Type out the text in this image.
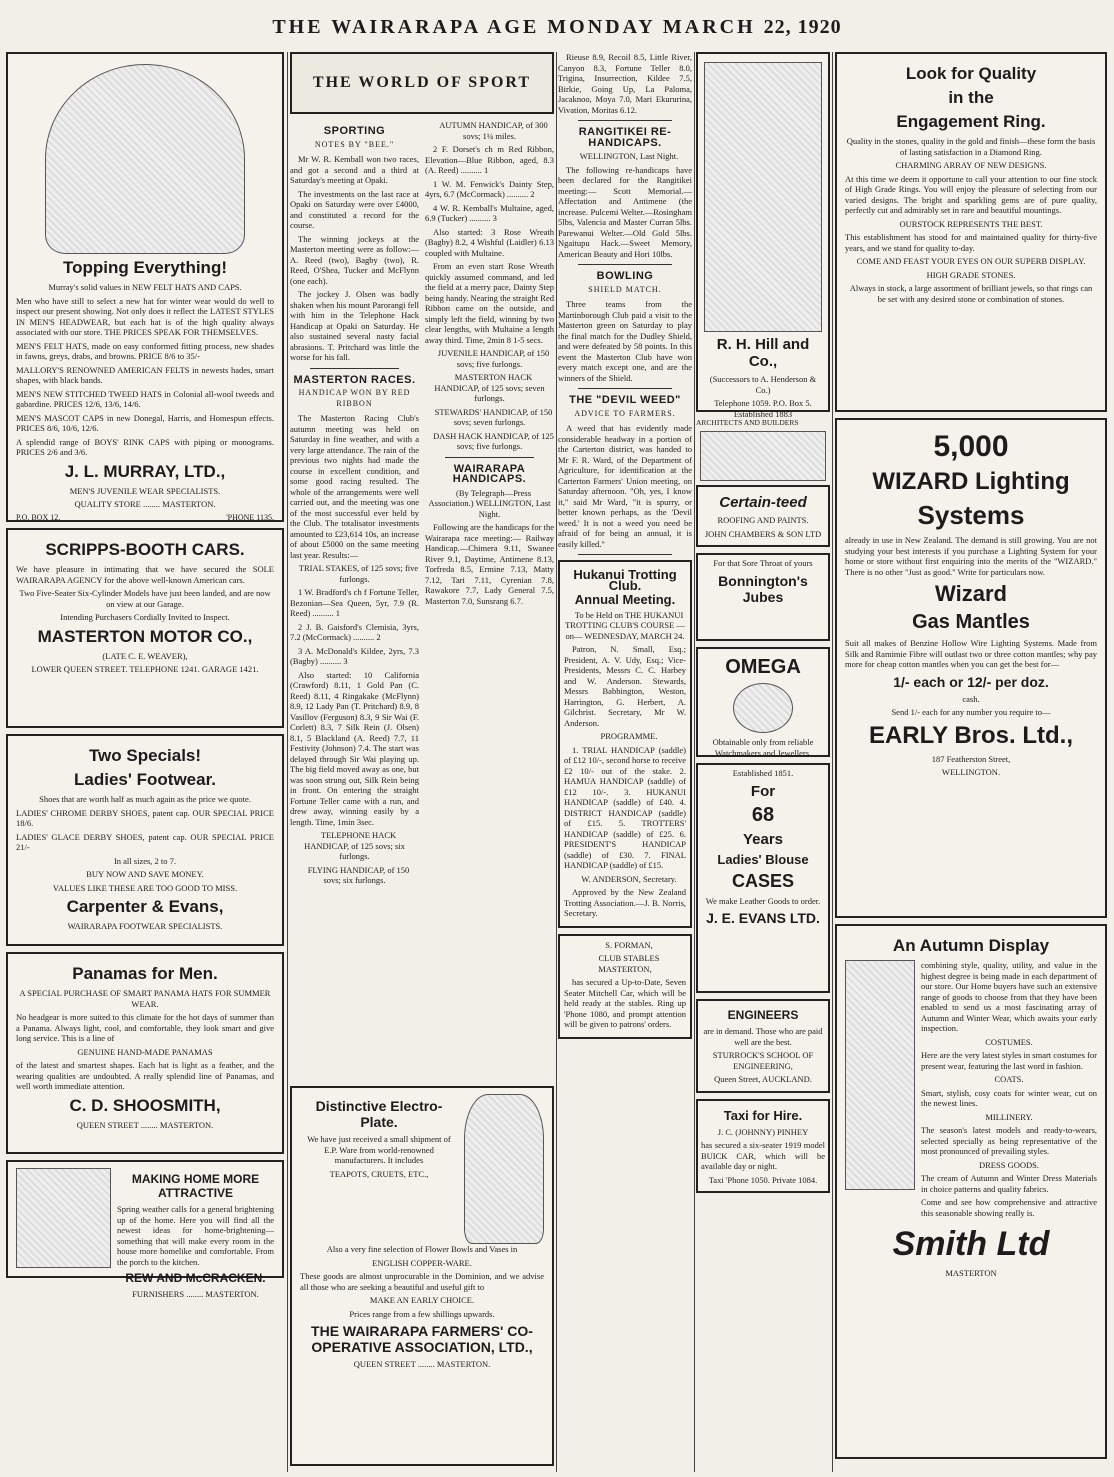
THE WAIRARAPA AGE MONDAY MARCH 22, 1920
Topping Everything!

Murray's solid values in NEW FELT HATS AND CAPS.

Men who have still to select a new hat for winter wear would do well to inspect our present showing. Not only does it reflect the LATEST STYLES IN MEN'S HEADWEAR, but each hat is of the high quality always associated with our store. THE PRICES SPEAK FOR THEMSELVES.

MEN'S FELT HATS, made on easy conformed fitting process, new shades in fawns, greys, drabs, and browns. PRICE 8/6 to 35/-

MALLORY'S RENOWNED AMERICAN FELTS in newests hades, smart shapes, with black bands.

MEN'S NEW STITCHED TWEED HATS in Colonial all-wool tweeds and gabardine. PRICES 12/6, 13/6, 14/6.

MEN'S MASCOT CAPS in new Donegal, Harris, and Homespun effects. PRICES 8/6, 10/6, 12/6.

A splendid range of BOYS' RINK CAPS with piping or monograms. PRICES 2/6 and 3/6.

J. L. MURRAY, LTD.,

MEN'S JUVENILE WEAR SPECIALISTS.

QUALITY STORE ........ MASTERTON.

P.O. BOX 12.	'PHONE 1135.
SCRIPPS-BOOTH CARS.

We have pleasure in intimating that we have secured the SOLE WAIRARAPA AGENCY for the above well-known American cars.

Two Five-Seater Six-Cylinder Models have just been landed, and are now on view at our Garage.

Intending Purchasers Cordially Invited to Inspect.

MASTERTON MOTOR CO.,

(LATE C. E. WEAVER),

LOWER QUEEN STREET. TELEPHONE 1241. GARAGE 1421.

Two Specials!
Ladies' Footwear.

Shoes that are worth half as much again as the price we quote.

LADIES' CHROME DERBY SHOES, patent cap. OUR SPECIAL PRICE 18/6.

LADIES' GLACE DERBY SHOES, patent cap. OUR SPECIAL PRICE 21/-

In all sizes, 2 to 7.

BUY NOW AND SAVE MONEY.

VALUES LIKE THESE ARE TOO GOOD TO MISS.

Carpenter & Evans,

WAIRARAPA FOOTWEAR SPECIALISTS.

Panamas for Men.

A SPECIAL PURCHASE OF SMART PANAMA HATS FOR SUMMER WEAR.

No headgear is more suited to this climate for the hot days of summer than a Panama. Always light, cool, and comfortable, they look smart and give long service. This is a line of

GENUINE HAND-MADE PANAMAS

of the latest and smartest shapes. Each hat is light as a feather, and the wearing qualities are undoubted. A really splendid line of Panamas, and well worth immediate attention.

C. D. SHOOSMITH,

QUEEN STREET ........ MASTERTON.

MAKING HOME MORE ATTRACTIVE

Spring weather calls for a general brightening up of the home. Here you will find all the newest ideas for home-brightening—something that will make every room in the house more homelike and comfortable. From the porch to the kitchen.

REW AND McCRACKEN.

FURNISHERS ........ MASTERTON.

THE WORLD OF SPORT
SPORTING
NOTES BY "BEE."

Mr W. R. Kemball won two races, and got a second and a third at Saturday's meeting at Opaki.

The investments on the last race at Opaki on Saturday were over £4000, and constituted a record for the course.

The winning jockeys at the Masterton meeting were as follow:—A. Reed (two), Bagby (two), R. Reed, O'Shea, Tucker and McFlynn (one each).

The jockey J. Olsen was badly shaken when his mount Parorangi fell with him in the Telephone Hack Handicap at Opaki on Saturday. He also sustained several nasty facial abrasions. T. Pritchard was little the worse for his fall.

MASTERTON RACES.
HANDICAP WON BY RED RIBBON

The Masterton Racing Club's autumn meeting was held on Saturday in fine weather, and with a very large attendance. The rain of the previous two nights had made the course in excellent condition, and some good racing resulted. The whole of the arrangements were well carried out, and the meeting was one of the most successful ever held by the Club. The totalisator investments amounted to £23,614 10s, an increase of about £5000 on the same meeting last year. Results:—

TRIAL STAKES, of 125 sovs; five furlongs.

1 W. Bradford's ch f Fortune Teller, Bezonian—Sea Queen, 5yr, 7.9 (R. Reed) .......... 1

2 J. B. Gaisford's Clemisia, 3yrs, 7.2 (McCormack) .......... 2

3 A. McDonald's Kildee, 2yrs, 7.3 (Bagby) .......... 3

Also started: 10 California (Crawford) 8.11, 1 Gold Pan (C. Reed) 8.11, 4 Ringakake (McFlynn) 8.9, 12 Lady Pan (T. Pritchard) 8.9, 8 Vasillov (Ferguson) 8.3, 9 Sir Wai (F. Corlett) 8.3, 7 Silk Rein (J. Olsen) 8.1, 5 Blackland (A. Reed) 7.7, 11 Festivity (Johnson) 7.4. The start was delayed through Sir Wai playing up. The big field moved away as one, but was soon strung out, Silk Rein being in front. On entering the straight Fortune Teller came with a run, and drew away, winning easily by a length. Time, 1min 3sec.

TELEPHONE HACK HANDICAP, of 125 sovs; six furlongs.

FLYING HANDICAP, of 150 sovs; six furlongs.

AUTUMN HANDICAP, of 300 sovs; 1¼ miles.

2 F. Dorset's ch m Red Ribbon, Elevation—Blue Ribbon, aged, 8.3 (A. Reed) .......... 1

1 W. M. Fenwick's Dainty Step, 4yrs, 6.7 (McCormack) .......... 2

4 W. R. Kemball's Multaine, aged, 6.9 (Tucker) .......... 3

Also started: 3 Rose Wreath (Bagby) 8.2, 4 Wishful (Laidler) 6.13 coupled with Multaine.

From an even start Rose Wreath quickly assumed command, and led the field at a merry pace, Dainty Step being handy. Nearing the straight Red Ribbon came on the outside, and simply left the field, winning by two clear lengths, with Multaine a length away third. Time, 2min 8 1-5 secs.

JUVENILE HANDICAP, of 150 sovs; five furlongs.

MASTERTON HACK HANDICAP, of 125 sovs; seven furlongs.

STEWARDS' HANDICAP, of 150 sovs; seven furlongs.

DASH HACK HANDICAP, of 125 sovs; five furlongs.

WAIRARAPA HANDICAPS.

(By Telegraph—Press Association.) WELLINGTON, Last Night.

Following are the handicaps for the Wairarapa race meeting:— Railway Handicap.—Chimera 9.11, Swanee River 9.1, Daytime, Antimene 8.13, Torfreda 8.5, Ermine 7.13, Matty 7.12, Tari 7.11, Cyrenian 7.8, Rawakore 7.7, Lady General 7.5, Masterton 7.0, Sunsrang 6.7.

Distinctive Electro-Plate.

We have just received a small shipment of E.P. Ware from world-renowned manufacturers. It includes

TEAPOTS, CRUETS, ETC.,

Also a very fine selection of Flower Bowls and Vases in

ENGLISH COPPER-WARE.

These goods are almost unprocurable in the Dominion, and we advise all those who are seeking a beautiful and useful gift to

MAKE AN EARLY CHOICE.

Prices range from a few shillings upwards.

THE WAIRARAPA FARMERS' CO-OPERATIVE ASSOCIATION, LTD.,

QUEEN STREET ........ MASTERTON.

Rieuse 8.9, Recoil 8.5, Little River, Canyon 8.3, Fortune Teller 8.0, Trigina, Insurrection, Kildee 7.5, Birkie, Going Up, La Paloma, Jacaknoo, Moya 7.0, Mari Ekururina, Vivation, Moritas 6.12.

RANGITIKEI RE-HANDICAPS.

WELLINGTON, Last Night.

The following re-handicaps have been declared for the Rangitikei meeting:— Scott Memorial.—Affectation and Antimene (the increase. Pulcemi Welter.—Rosingham 5lbs, Valencia and Master Curran 5lbs. Parewanui Welter.—Old Gold 5lbs. Ngaitupu Hack.—Sweet Memory, American Beauty and Hori 10lbs.

BOWLING
SHIELD MATCH.

Three teams from the Martinborough Club paid a visit to the Masterton green on Saturday to play the final match for the Dudley Shield, and were defeated by 58 points. In this event the Masterton Club have won every match except one, and are the winners of the Shield.

THE "DEVIL WEED"
ADVICE TO FARMERS.

A weed that has evidently made considerable headway in a portion of the Carterton district, was handed to Mr F. R. Ward, of the Department of Agriculture, for identification at the Carterton Farmers' Union meeting, on Saturday afternoon. "Oh, yes, I know it," said Mr Ward, "it is spurry, or better known perhaps, as the 'Devil weed.' It is not a weed you need be afraid of for being an annual, it is easily killed."

Hukanui Trotting Club.
Annual Meeting.

To be Held on THE HUKANUI TROTTING CLUB'S COURSE —on— WEDNESDAY, MARCH 24.

Patron, N. Small, Esq.; President, A. V. Udy, Esq.; Vice-Presidents, Messrs C. C. Harbey and W. Anderson. Stewards, Messrs Babbington, Weston, Harrington, G. Herbert, A. Gilchrist. Secretary, Mr W. Anderson.

PROGRAMME.

1. TRIAL HANDICAP (saddle) of £12 10/-, second horse to receive £2 10/- out of the stake. 2. HAMUA HANDICAP (saddle) of £12 10/-. 3. HUKANUI HANDICAP (saddle) of £40. 4. DISTRICT HANDICAP (saddle) of £15. 5. TROTTERS' HANDICAP (saddle) of £25. 6. PRESIDENT'S HANDICAP (saddle) of £30. 7. FINAL HANDICAP (saddle) of £15.

W. ANDERSON, Secretary.

Approved by the New Zealand Trotting Association.—J. B. Norris, Secretary.

S. FORMAN,

CLUB STABLES MASTERTON,

has secured a Up-to-Date, Seven Seater Mitchell Car, which will be held ready at the stables. Ring up 'Phone 1080, and prompt attention will be given to patrons' orders.

R. H. Hill and Co.,

(Successors to A. Henderson & Co.)

Telephone 1059. P.O. Box 5. Established 1883

ARCHITECTS AND BUILDERS

Certain-teed

ROOFING AND PAINTS.

JOHN CHAMBERS & SON LTD

For that Sore Throat of yours

Bonnington's Jubes
OMEGA

Obtainable only from reliable Watchmakers and Jewellers.

Established 1851.

For
68
Years
Ladies' Blouse
CASES

We make Leather Goods to order.

J. E. EVANS LTD.
ENGINEERS

are in demand. Those who are paid well are the best.

STURROCK'S SCHOOL OF ENGINEERING,

Queen Street, AUCKLAND.

Taxi for Hire.

J. C. (JOHNNY) PINHEY

has secured a six-seater 1919 model BUICK CAR, which will be available day or night.

Taxi 'Phone 1050. Private 1084.

Look for Quality
in the
Engagement Ring.

Quality in the stones, quality in the gold and finish—these form the basis of lasting satisfaction in a Diamond Ring.

CHARMING ARRAY OF NEW DESIGNS.

At this time we deem it opportune to call your attention to our fine stock of High Grade Rings. You will enjoy the pleasure of selecting from our varied designs. The bright and sparkling gems are of pure quality, perfectly cut and admirably set in rare and beautiful mountings.

OURSTOCK REPRESENTS THE BEST.

This establishment has stood for and maintained quality for thirty-five years, and we stand for quality to-day.

COME AND FEAST YOUR EYES ON OUR SUPERB DISPLAY.

HIGH GRADE STONES.

Always in stock, a large assortment of brilliant jewels, so that rings can be set with any desired stone or combination of stones.

5,000
WIZARD Lighting
Systems

already in use in New Zealand. The demand is still growing. You are not studying your best interests if you purchase a Lighting System for your home or store without first enquiring into the merits of the "WIZARD." There is no other "Just as good." Write for particulars now.

Wizard
Gas Mantles

Suit all makes of Benzine Hollow Wire Lighting Systems. Made from Silk and Ramimie Fibre will outlast two or three cotton mantles; why pay more for cheap cotton mantles when you can get the best for—

1/- each or 12/- per doz.

cash.

Send 1/- each for any number you require to—

EARLY Bros. Ltd.,

187 Featherston Street,

WELLINGTON.

An Autumn Display

combining style, quality, utility, and value in the highest degree is being made in each department of our store. Our Home buyers have such an extensive range of goods to choose from that they have been enabled to send us a most fascinating array of Autumn and Winter Wear, which awaits your early inspection.

COSTUMES.

Here are the very latest styles in smart costumes for present wear, featuring the last word in fashion.

COATS.

Smart, stylish, cosy coats for winter wear, cut on the newest lines.

MILLINERY.

The season's latest models and ready-to-wears, selected specially as being representative of the most pronounced of prevailing styles.

DRESS GOODS.

The cream of Autumn and Winter Dress Materials in choice patterns and quality fabrics.

Come and see how comprehensive and attractive this seasonable showing really is.

Smith Ltd

MASTERTON
